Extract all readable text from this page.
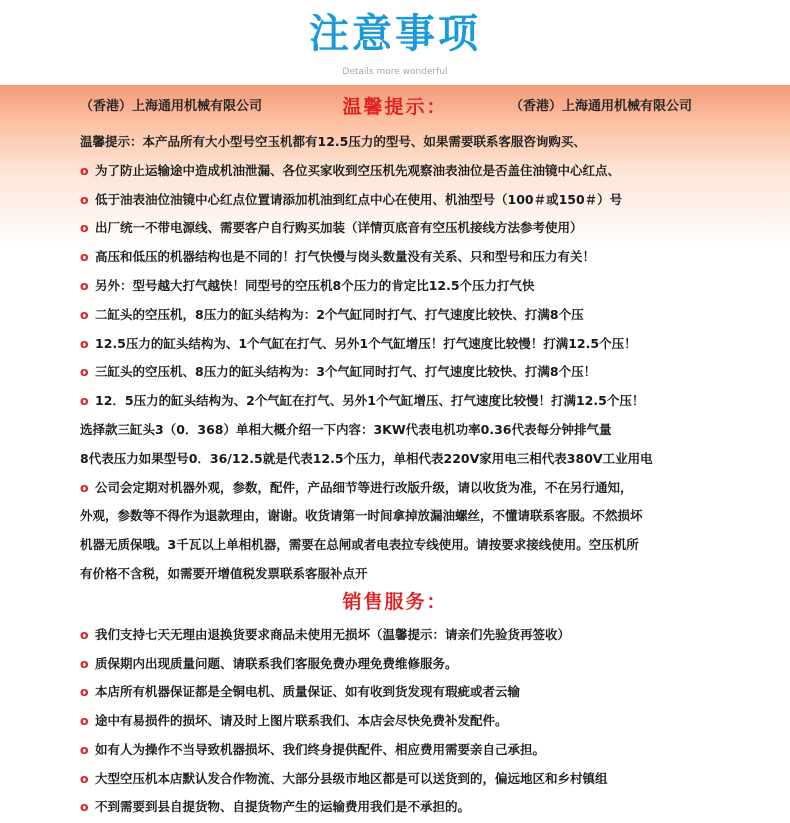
注意事项
Details more wonderful
（香港）上海通用机械有限公司	温馨提示：	（香港）上海通用机械有限公司
温馨提示：本产品所有大小型号空玉机都有12.5压力的型号、如果需要联系客服咨询购买、
o 为了防止运输途中造成机油泄漏、各位买家收到空压机先观察油表油位是否盖住油镜中心红点、
o 低于油表油位油镜中心红点位置请添加机油到红点中心在使用、机油型号（100＃或150＃）号
o 出厂统一不带电源线、需要客户自行购买加装（详情页底音有空压机接线方法参考使用）
o 高压和低压的机器结构也是不同的！打气快慢与岗头数量没有关系、只和型号和压力有关！
o 另外：型号越大打气越快！同型号的空压机8个压力的肯定比12.5个压力打气快
o 二缸头的空压机，8压力的缸头结构为：2个气缸同时打气、打气速度比较快、打满8个压
o 12.5压力的缸头结构为、1个气缸在打气、另外1个气缸增压！打气速度比较慢！打满12.5个压！
o 三缸头的空压机、8压力的缸头结构为：3个气缸同时打气、打气速度比较快、打满8个压！
o 12．5压力的缸头结构为、2个气缸在打气、另外1个气缸增压、打气速度比较慢！打满12.5个压！
选择款三缸头3（0．368）单相大概介绍一下内容：3KW代表电机功率0.36代表每分钟排气量
8代表压力如果型号0．36/12.5就是代表12.5个压力，单相代表220V家用电三相代表380V工业用电
o 公司会定期对机器外观，参数，配件，产品细节等进行改版升级，请以收货为准，不在另行通知，
外观，参数等不得作为退款理由，谢谢。收货请第一时间拿掉放漏油螺丝，不懂请联系客服。不然损坏
机器无质保哦。3千瓦以上单相机器，需要在总闸或者电表拉专线使用。请按要求接线使用。空压机所
有价格不含税，如需要开增值税发票联系客服补点开
销售服务：
o 我们支持七天无理由退换货要求商品未使用无损坏（温馨提示：请亲们先验货再签收）
o 质保期内出现质量问题、请联系我们客服免费办理免费维修服务。
o 本店所有机器保证都是全铜电机、质量保证、如有收到货发现有瑕疵或者云输
o 途中有易损件的损坏、请及时上图片联系我们、本店会尽快免费补发配件。
o 如有人为操作不当导致机器损坏、我们终身提供配件、相应费用需要亲自己承担。
o 大型空压机本店默认发合作物流、大部分县级市地区都是可以送货到的，偏远地区和乡村镇组
o 不到需要到县自提货物、自提货物产生的运输费用我们是不承担的。
